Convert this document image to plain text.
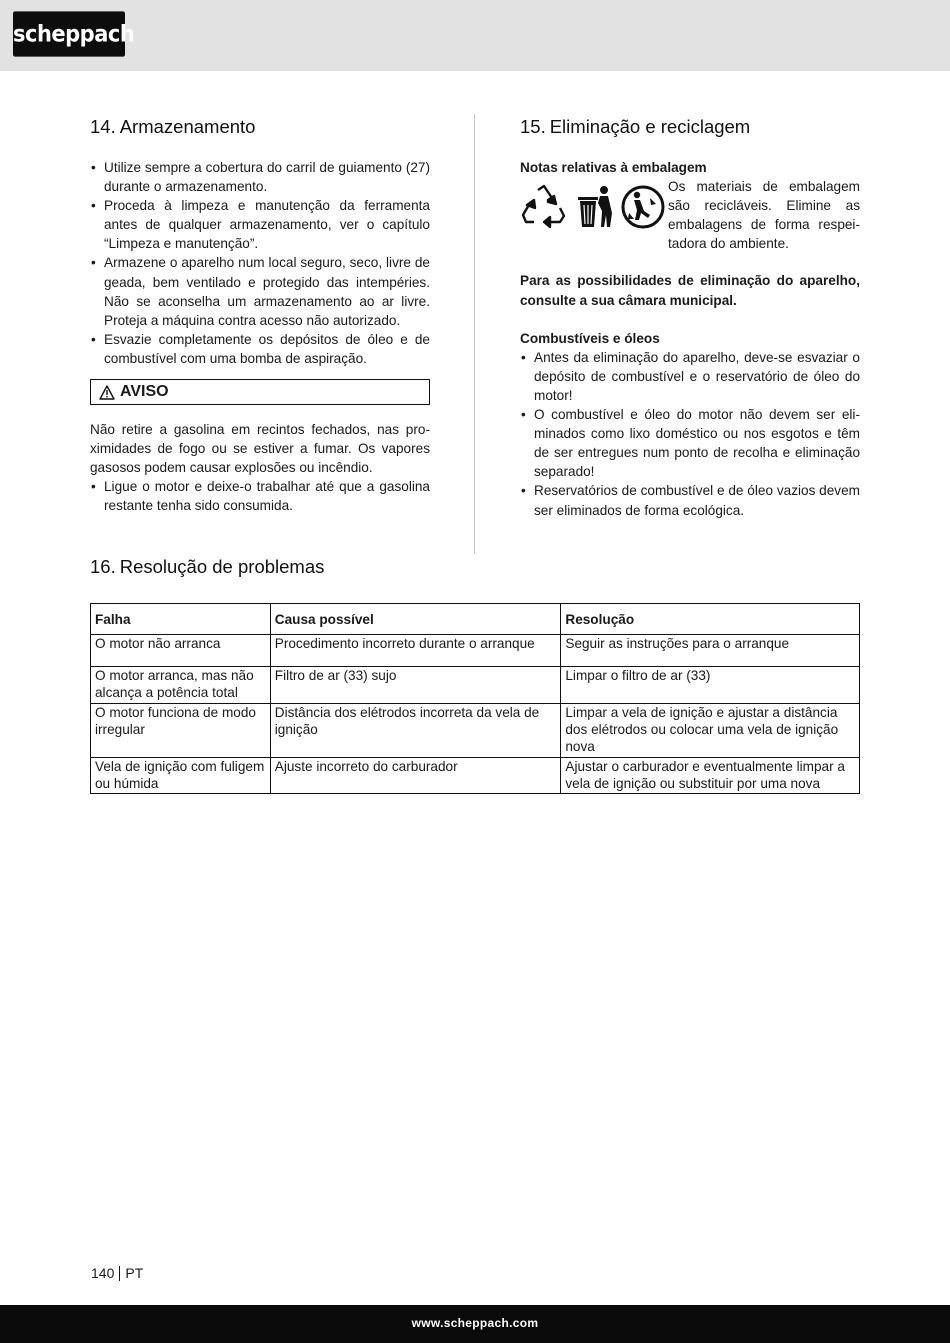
scheppach
14. Armazenamento
• Utilize sempre a cobertura do carril de guiamento (27) durante o armazenamento.
• Proceda à limpeza e manutenção da ferramenta antes de qualquer armazenamento, ver o capítulo “Limpeza e manutenção”.
• Armazene o aparelho num local seguro, seco, livre de geada, bem ventilado e protegido das intempéries. Não se aconselha um armazenamento ao ar livre. Proteja a máquina contra acesso não autorizado.
• Esvazie completamente os depósitos de óleo e de combustível com uma bomba de aspiração.
AVISO

Não retire a gasolina em recintos fechados, nas proximidades de fogo ou se estiver a fumar. Os vapores gasosos podem causar explosões ou incêndio.

• Ligue o motor e deixe-o trabalhar até que a gasolina restante tenha sido consumida.
15. Eliminação e reciclagem

Notas relativas à embalagem

Os materiais de embalagem são recicláveis. Elimine as embalagens de forma respeitadora do ambiente.

Para as possibilidades de eliminação do aparelho, consulte a sua câmara municipal.

Combustíveis e óleos

• Antes da eliminação do aparelho, deve-se esvaziar o depósito de combustível e o reservatório de óleo do motor!
• O combustível e óleo do motor não devem ser eliminados como lixo doméstico ou nos esgotos e têm de ser entregues num ponto de recolha e eliminação separado!
• Reservatórios de combustível e de óleo vazios devem ser eliminados de forma ecológica.
16. Resolução de problemas
Falha	Causa possível	Resolução
O motor não arranca	Procedimento incorreto durante o arranque	Seguir as instruções para o arranque
O motor arranca, mas não alcança a potência total	Filtro de ar (33) sujo	Limpar o filtro de ar (33)
O motor funciona de modo irregular	Distância dos elétrodos incorreta da vela de ignição	Limpar a vela de ignição e ajustar a distância dos elétrodos ou colocar uma vela de ignição nova
Vela de ignição com fuligem ou húmida	Ajuste incorreto do carburador	Ajustar o carburador e eventualmente limpar a vela de ignição ou substituir por uma nova
140 PT
www.scheppach.com
